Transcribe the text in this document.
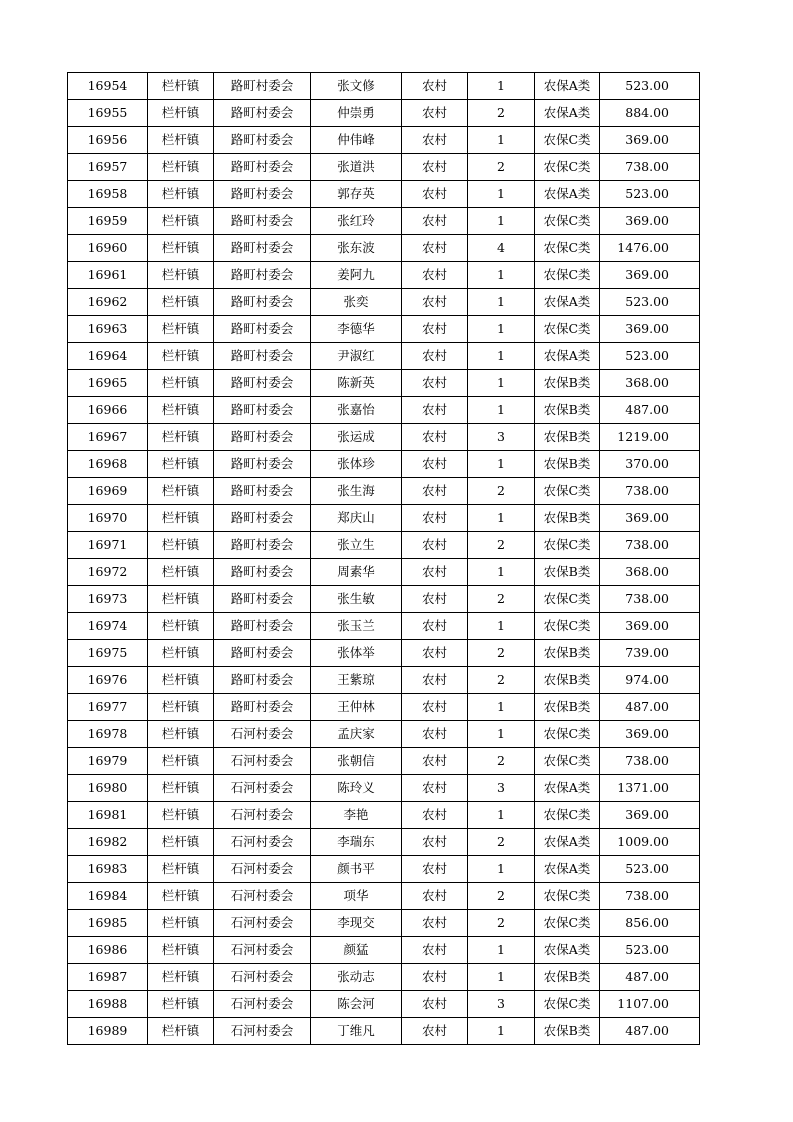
16954	栏杆镇	路町村委会	张文修	农村	1	农保A类	523.00
16955	栏杆镇	路町村委会	仲崇勇	农村	2	农保A类	884.00
16956	栏杆镇	路町村委会	仲伟峰	农村	1	农保C类	369.00
16957	栏杆镇	路町村委会	张道洪	农村	2	农保C类	738.00
16958	栏杆镇	路町村委会	郭存英	农村	1	农保A类	523.00
16959	栏杆镇	路町村委会	张红玲	农村	1	农保C类	369.00
16960	栏杆镇	路町村委会	张东波	农村	4	农保C类	1476.00
16961	栏杆镇	路町村委会	姜阿九	农村	1	农保C类	369.00
16962	栏杆镇	路町村委会	张奕	农村	1	农保A类	523.00
16963	栏杆镇	路町村委会	李德华	农村	1	农保C类	369.00
16964	栏杆镇	路町村委会	尹淑红	农村	1	农保A类	523.00
16965	栏杆镇	路町村委会	陈新英	农村	1	农保B类	368.00
16966	栏杆镇	路町村委会	张嘉怡	农村	1	农保B类	487.00
16967	栏杆镇	路町村委会	张运成	农村	3	农保B类	1219.00
16968	栏杆镇	路町村委会	张体珍	农村	1	农保B类	370.00
16969	栏杆镇	路町村委会	张生海	农村	2	农保C类	738.00
16970	栏杆镇	路町村委会	郑庆山	农村	1	农保B类	369.00
16971	栏杆镇	路町村委会	张立生	农村	2	农保C类	738.00
16972	栏杆镇	路町村委会	周素华	农村	1	农保B类	368.00
16973	栏杆镇	路町村委会	张生敏	农村	2	农保C类	738.00
16974	栏杆镇	路町村委会	张玉兰	农村	1	农保C类	369.00
16975	栏杆镇	路町村委会	张体举	农村	2	农保B类	739.00
16976	栏杆镇	路町村委会	王紫琼	农村	2	农保B类	974.00
16977	栏杆镇	路町村委会	王仲林	农村	1	农保B类	487.00
16978	栏杆镇	石河村委会	孟庆家	农村	1	农保C类	369.00
16979	栏杆镇	石河村委会	张朝信	农村	2	农保C类	738.00
16980	栏杆镇	石河村委会	陈玲义	农村	3	农保A类	1371.00
16981	栏杆镇	石河村委会	李艳	农村	1	农保C类	369.00
16982	栏杆镇	石河村委会	李瑞东	农村	2	农保A类	1009.00
16983	栏杆镇	石河村委会	颜书平	农村	1	农保A类	523.00
16984	栏杆镇	石河村委会	项华	农村	2	农保C类	738.00
16985	栏杆镇	石河村委会	李现交	农村	2	农保C类	856.00
16986	栏杆镇	石河村委会	颜猛	农村	1	农保A类	523.00
16987	栏杆镇	石河村委会	张动志	农村	1	农保B类	487.00
16988	栏杆镇	石河村委会	陈会河	农村	3	农保C类	1107.00
16989	栏杆镇	石河村委会	丁维凡	农村	1	农保B类	487.00
